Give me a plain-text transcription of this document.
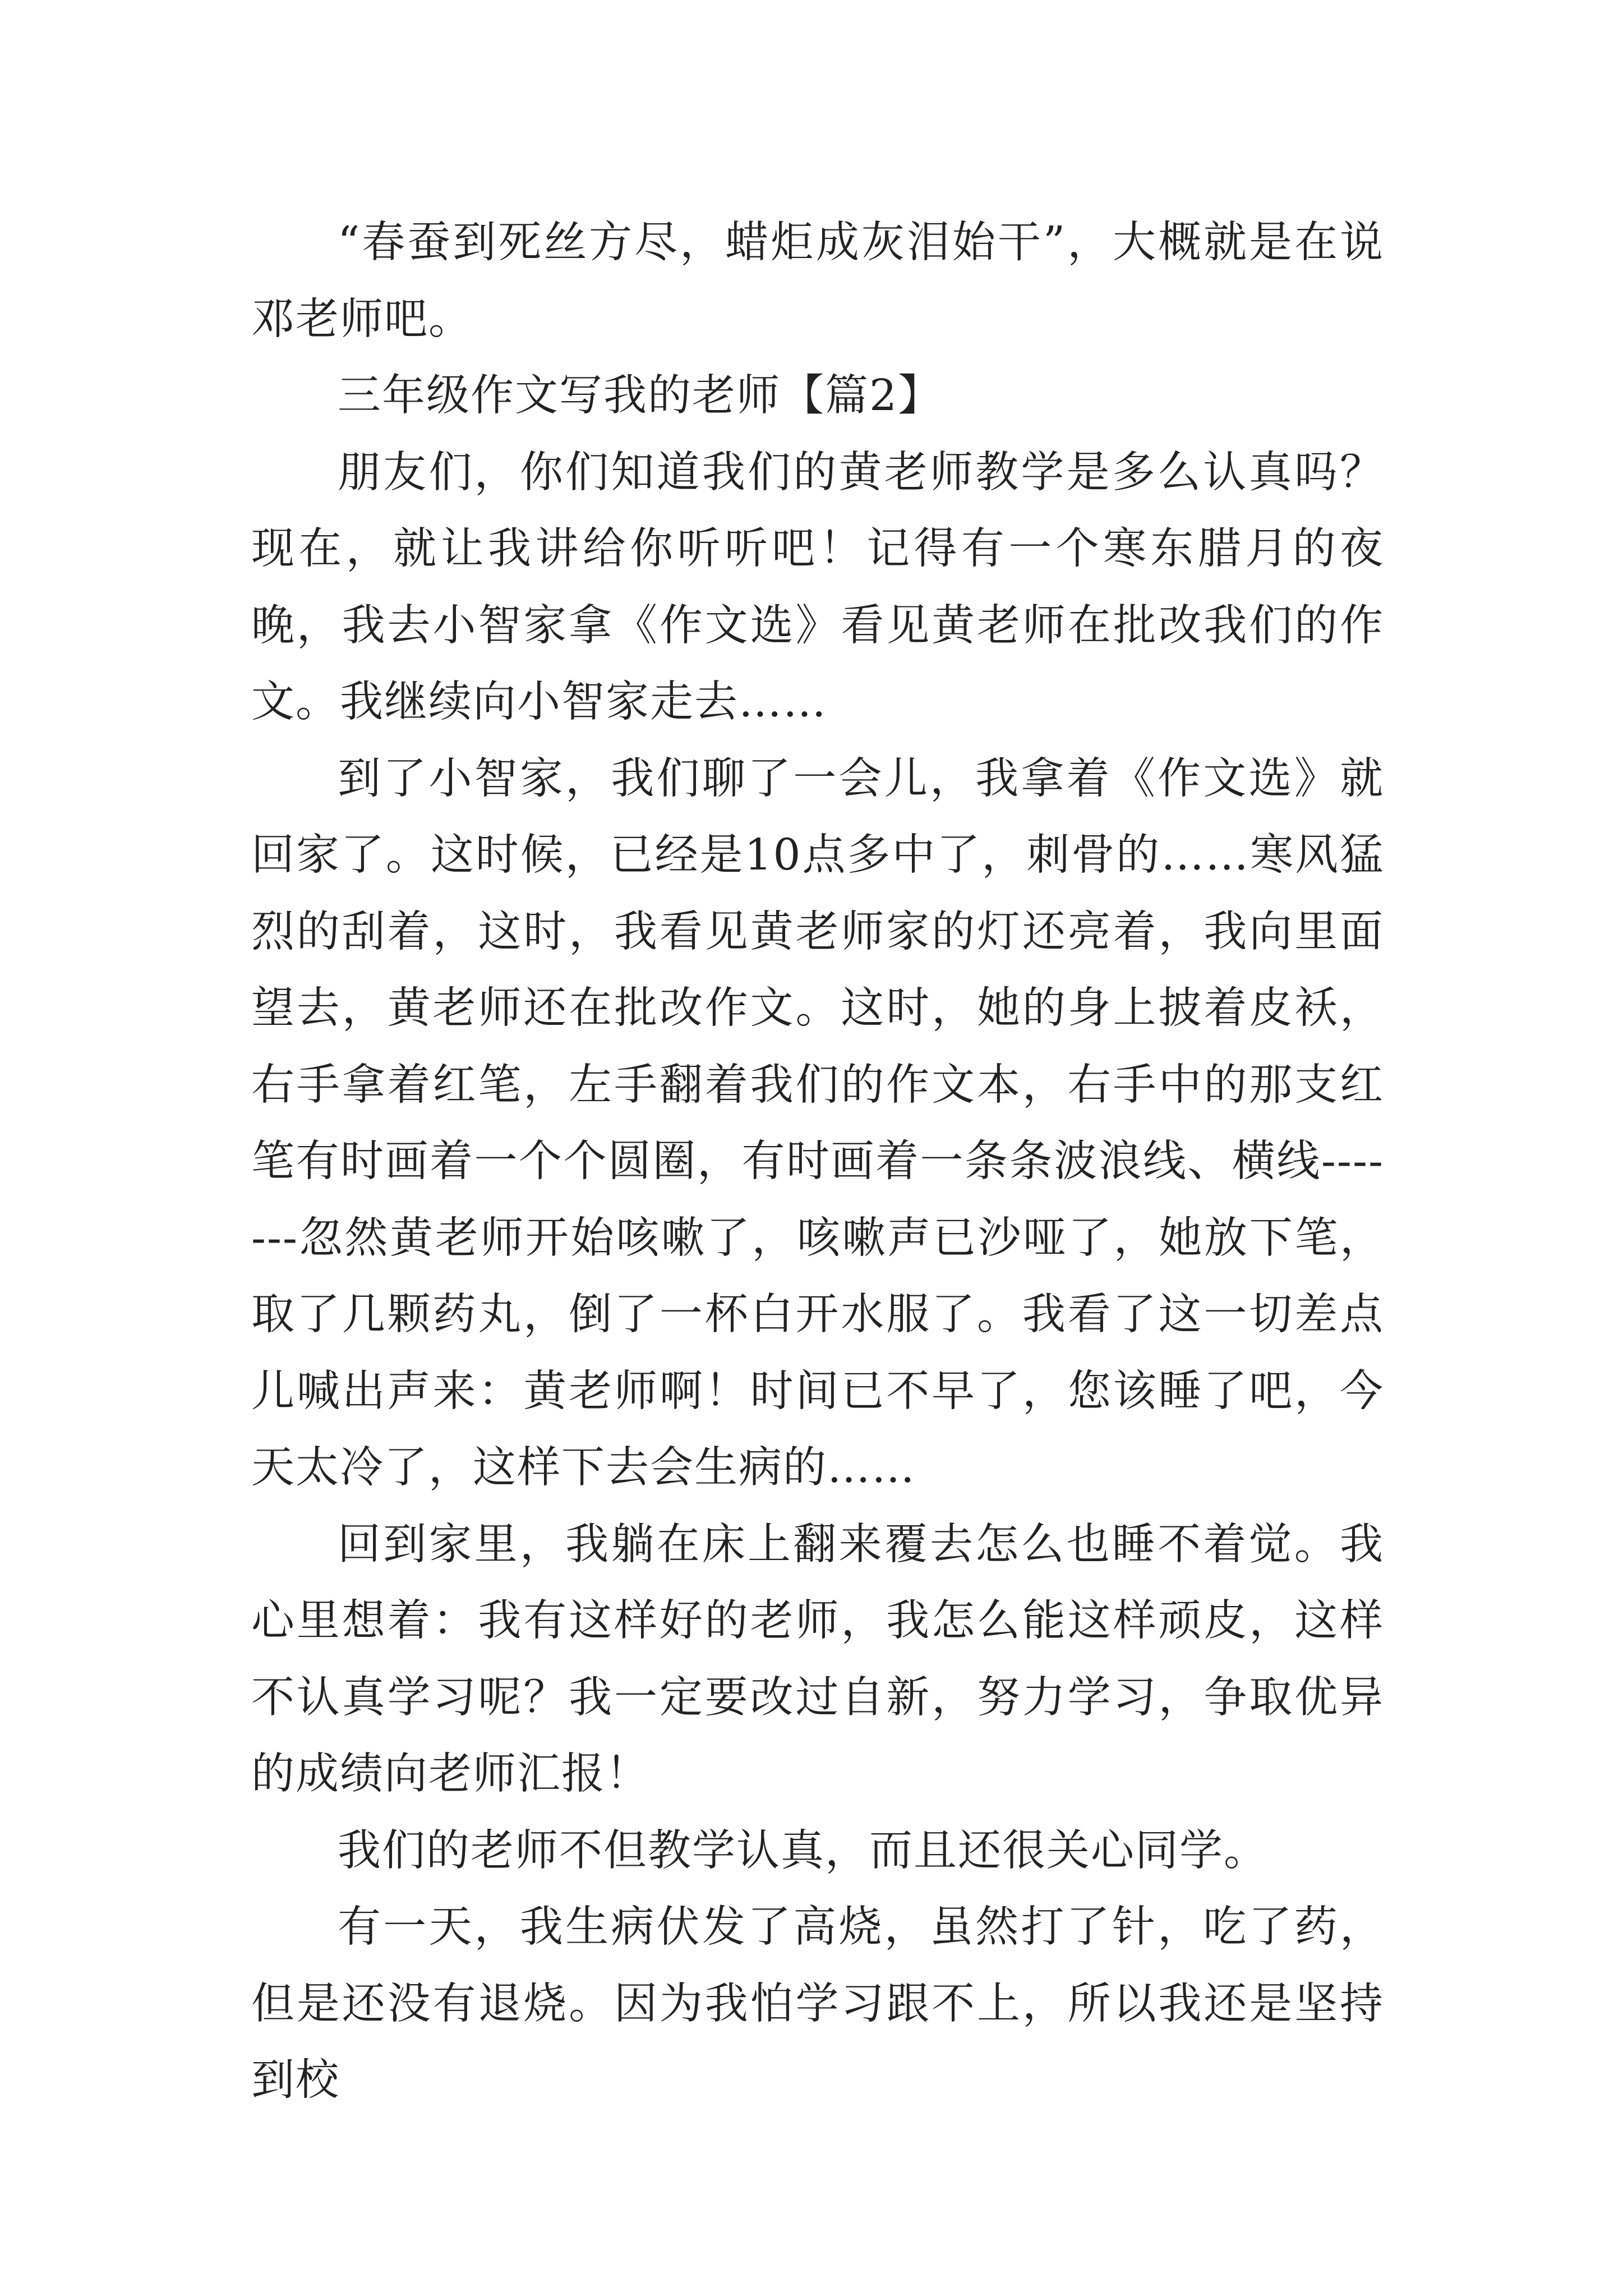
“春蚕到死丝方尽，蜡炬成灰泪始干”，大概就是在说邓老师吧。

三年级作文写我的老师【篇2】

朋友们，你们知道我们的黄老师教学是多么认真吗？现在，就让我讲给你听听吧！记得有一个寒东腊月的夜晚，我去小智家拿《作文选》看见黄老师在批改我们的作文。我继续向小智家走去……

到了小智家，我们聊了一会儿，我拿着《作文选》就回家了。这时候，已经是10点多中了，刺骨的……寒风猛烈的刮着，这时，我看见黄老师家的灯还亮着，我向里面望去，黄老师还在批改作文。这时，她的身上披着皮袄，右手拿着红笔，左手翻着我们的作文本，右手中的那支红笔有时画着一个个圆圈，有时画着一条条波浪线、横线-------忽然黄老师开始咳嗽了，咳嗽声已沙哑了，她放下笔，取了几颗药丸，倒了一杯白开水服了。我看了这一切差点儿喊出声来：黄老师啊！时间已不早了，您该睡了吧，今天太冷了，这样下去会生病的……

回到家里，我躺在床上翻来覆去怎么也睡不着觉。我心里想着：我有这样好的老师，我怎么能这样顽皮，这样不认真学习呢？我一定要改过自新，努力学习，争取优异的成绩向老师汇报！

我们的老师不但教学认真，而且还很关心同学。

有一天，我生病伏发了高烧，虽然打了针，吃了药，但是还没有退烧。因为我怕学习跟不上，所以我还是坚持到校
